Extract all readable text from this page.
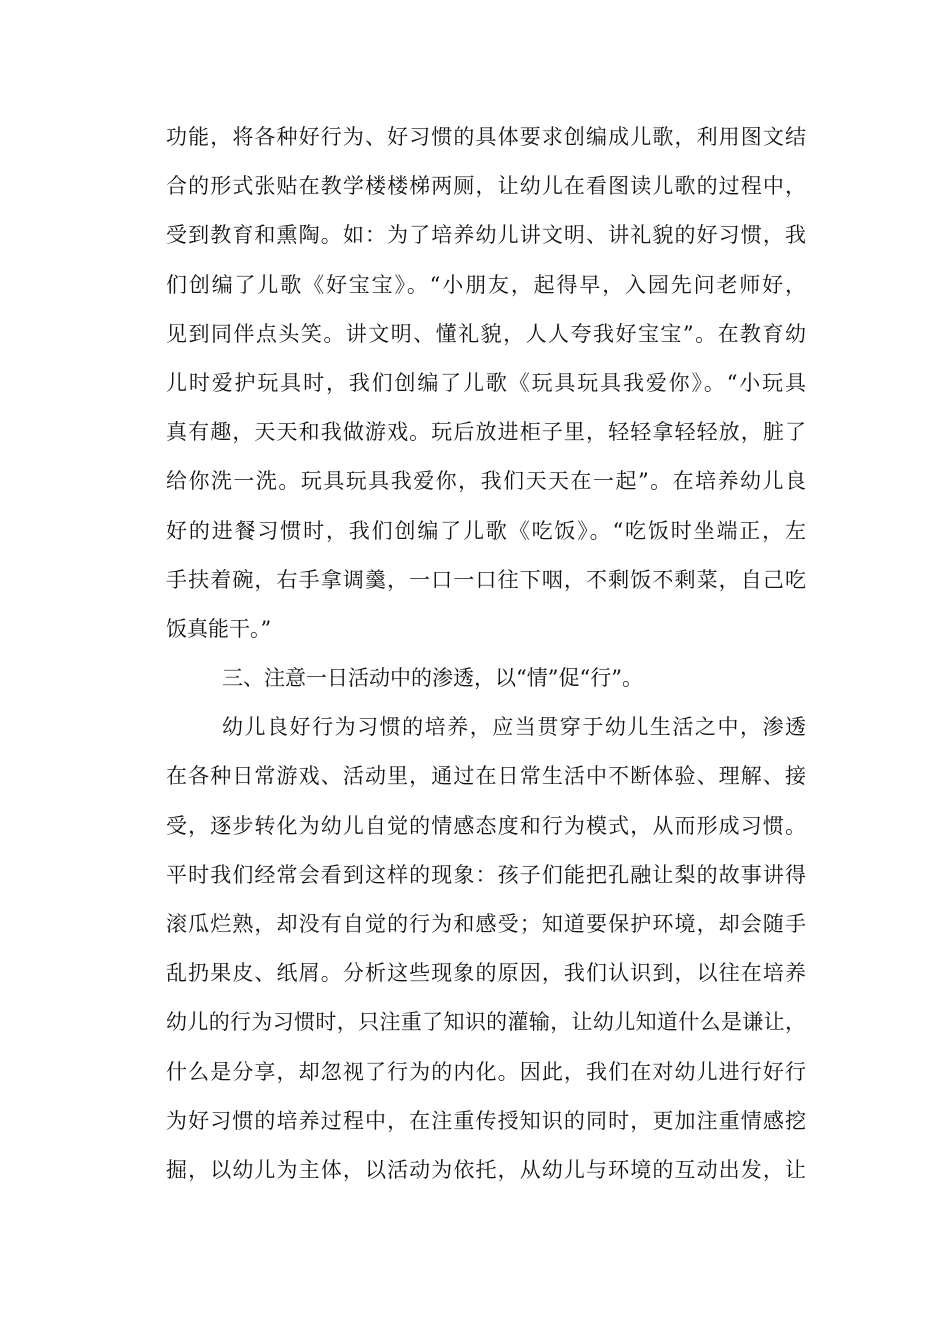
功能，将各种好行为、好习惯的具体要求创编成儿歌，利用图文结
合的形式张贴在教学楼楼梯两厕，让幼儿在看图读儿歌的过程中，
受到教育和熏陶。如：为了培养幼儿讲文明、讲礼貌的好习惯，我
们创编了儿歌《好宝宝》。“小朋友，起得早，入园先问老师好，
见到同伴点头笑。讲文明、懂礼貌，人人夸我好宝宝”。在教育幼
儿时爱护玩具时，我们创编了儿歌《玩具玩具我爱你》。“小玩具
真有趣，天天和我做游戏。玩后放进柜子里，轻轻拿轻轻放，脏了
给你洗一洗。玩具玩具我爱你，我们天天在一起”。在培养幼儿良
好的进餐习惯时，我们创编了儿歌《吃饭》。“吃饭时坐端正，左
手扶着碗，右手拿调羹，一口一口往下咽，不剩饭不剩菜，自己吃
饭真能干。”
三、注意一日活动中的渗透，以“情”促“行”。
幼儿良好行为习惯的培养，应当贯穿于幼儿生活之中，渗透
在各种日常游戏、活动里，通过在日常生活中不断体验、理解、接
受，逐步转化为幼儿自觉的情感态度和行为模式，从而形成习惯。
平时我们经常会看到这样的现象：孩子们能把孔融让梨的故事讲得
滚瓜烂熟，却没有自觉的行为和感受；知道要保护环境，却会随手
乱扔果皮、纸屑。分析这些现象的原因，我们认识到，以往在培养
幼儿的行为习惯时，只注重了知识的灌输，让幼儿知道什么是谦让，
什么是分享，却忽视了行为的内化。因此，我们在对幼儿进行好行
为好习惯的培养过程中，在注重传授知识的同时，更加注重情感挖
掘，以幼儿为主体，以活动为依托，从幼儿与环境的互动出发，让
